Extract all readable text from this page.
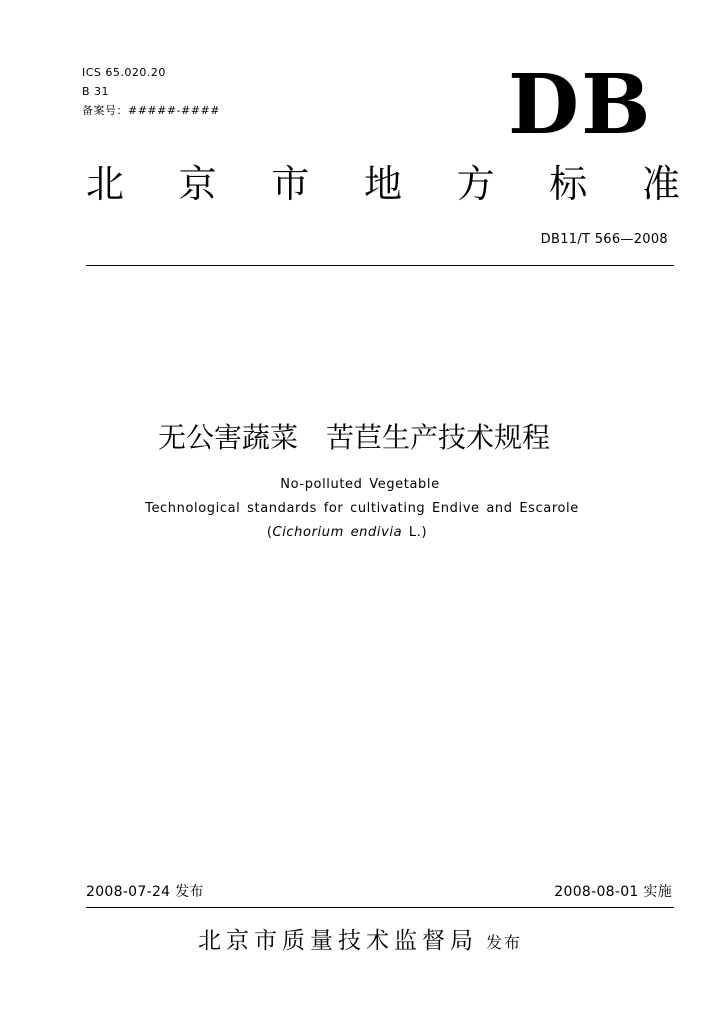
ICS 65.020.20
B 31
备案号：#####-####	DB
北 京 市 地 方 标 准
DB11/T 566—2008
无公害蔬菜　苦苣生产技术规程
No-polluted Vegetable
Technological standards for cultivating Endive and Escarole
(Cichorium endivia L.)
2008-07-24 发布	2008-08-01 实施
北京市质量技术监督局 发布
